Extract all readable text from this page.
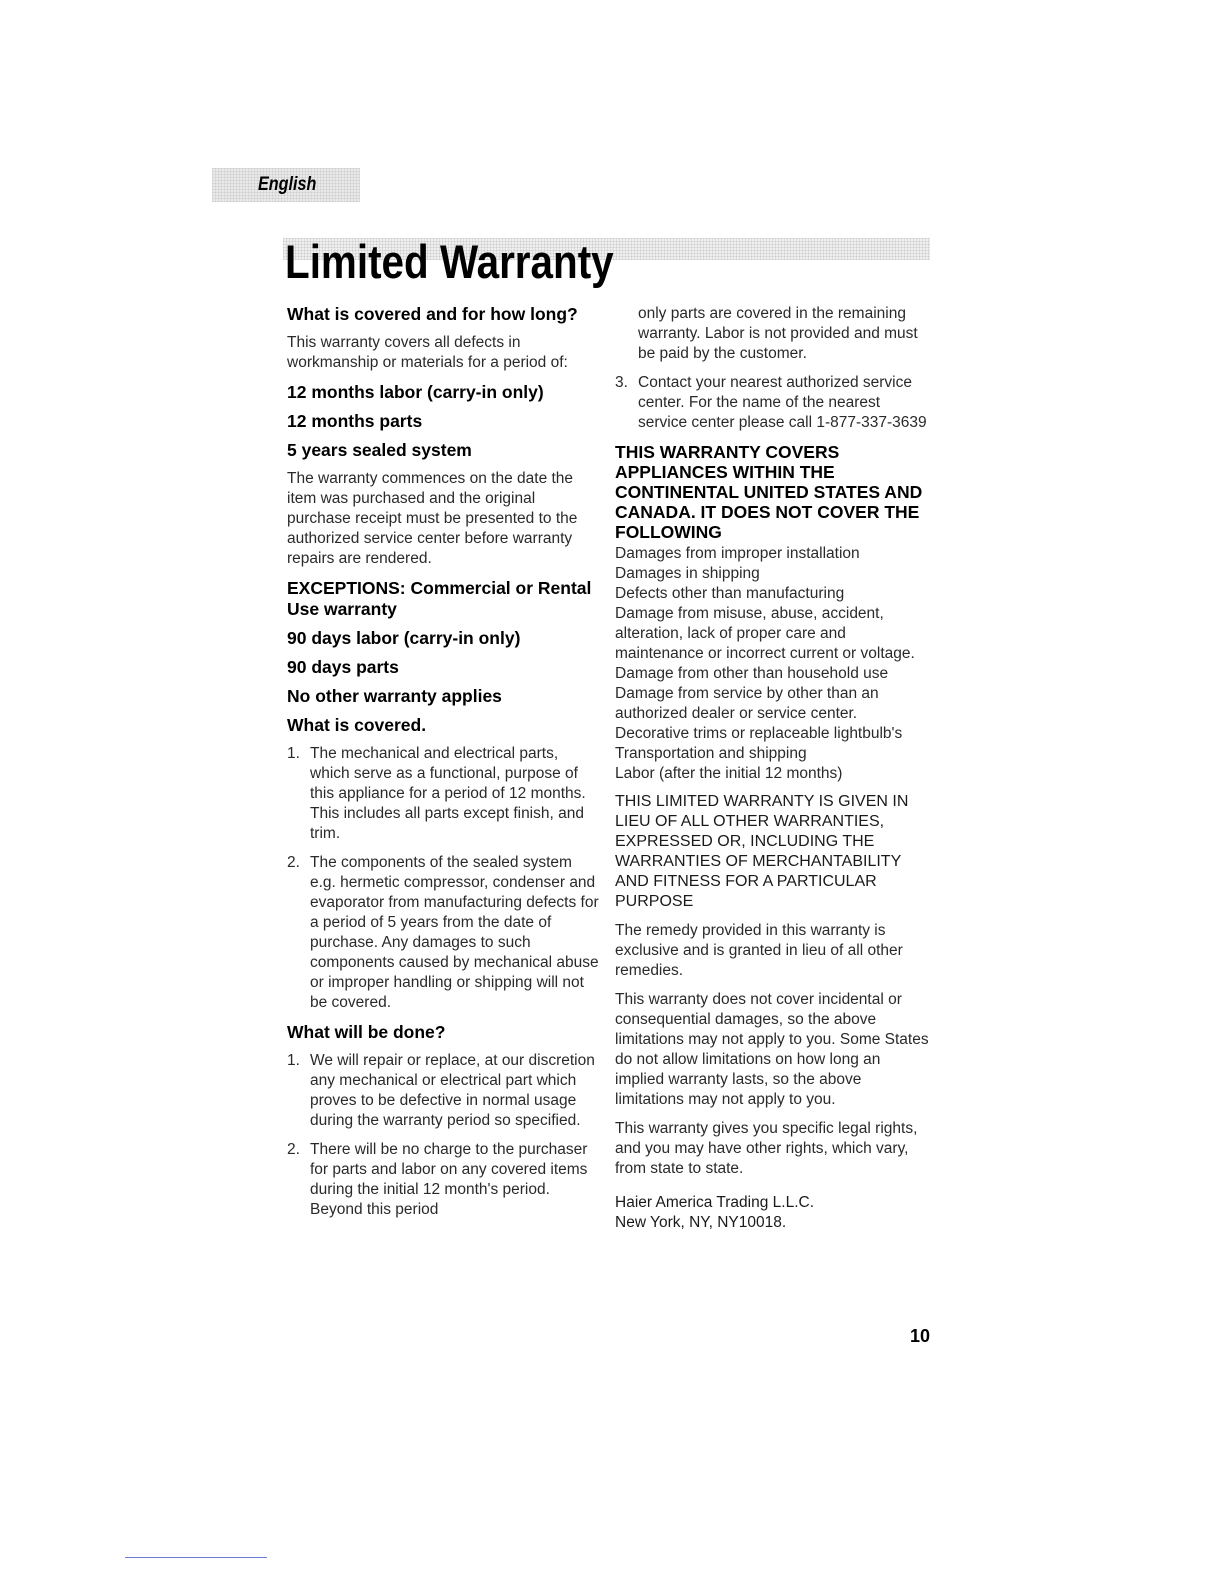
English
Limited Warranty
What is covered and for how long?

This warranty covers all defects in workmanship or materials for a period of:

12 months labor (carry-in only)
12 months parts
5 years sealed system

The warranty commences on the date the item was purchased and the original purchase receipt must be presented to the authorized service center before warranty repairs are rendered.

EXCEPTIONS: Commercial or Rental Use warranty
90 days labor (carry-in only)
90 days parts
No other warranty applies
What is covered.
1. The mechanical and electrical parts, which serve as a functional, purpose of this appliance for a period of 12 months. This includes all parts except finish, and trim.
2. The components of the sealed system e.g. hermetic compressor, condenser and evaporator from manufacturing defects for a period of 5 years from the date of purchase. Any damages to such components caused by mechanical abuse or improper handling or shipping will not be covered.
What will be done?
1. We will repair or replace, at our discretion any mechanical or electrical part which proves to be defective in normal usage during the warranty period so specified.
2. There will be no charge to the purchaser for parts and labor on any covered items during the initial 12 month's period. Beyond this period
only parts are covered in the remaining warranty. Labor is not provided and must be paid by the customer.
3. Contact your nearest authorized service center. For the name of the nearest service center please call 1-877-337-3639
THIS WARRANTY COVERS APPLIANCES WITHIN THE CONTINENTAL UNITED STATES AND CANADA. IT DOES NOT COVER THE FOLLOWING
Damages from improper installation
Damages in shipping
Defects other than manufacturing
Damage from misuse, abuse, accident, alteration, lack of proper care and maintenance or incorrect current or voltage.
Damage from other than household use
Damage from service by other than an authorized dealer or service center.
Decorative trims or replaceable lightbulb's
Transportation and shipping
Labor (after the initial 12 months)

THIS LIMITED WARRANTY IS GIVEN IN LIEU OF ALL OTHER WARRANTIES, EXPRESSED OR, INCLUDING THE WARRANTIES OF MERCHANTABILITY AND FITNESS FOR A PARTICULAR PURPOSE

The remedy provided in this warranty is exclusive and is granted in lieu of all other remedies.

This warranty does not cover incidental or consequential damages, so the above limitations may not apply to you. Some States do not allow limitations on how long an implied warranty lasts, so the above limitations may not apply to you.

This warranty gives you specific legal rights, and you may have other rights, which vary, from state to state.

Haier America Trading L.L.C.
New York, NY, NY10018.
10
